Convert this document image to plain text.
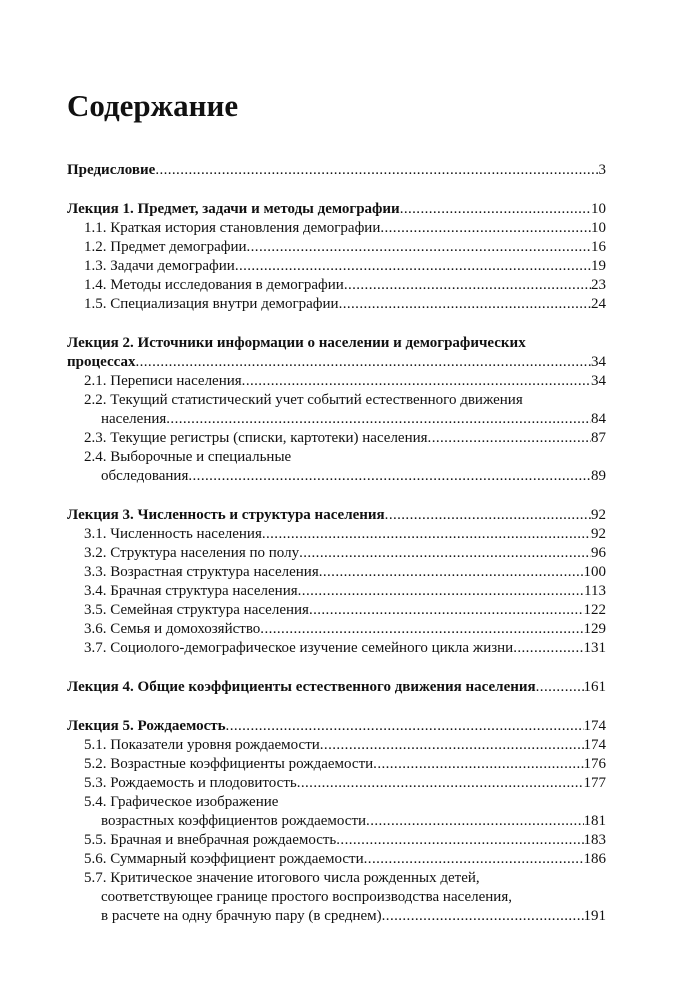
Содержание
Предисловие .....	3
Лекция 1. Предмет, задачи и методы демографии .....	10
1.1. Краткая история становления демографии .....	10
1.2. Предмет демографии .....	16
1.3. Задачи демографии .....	19
1.4. Методы исследования в демографии .....	23
1.5. Специализация внутри демографии .....	24
Лекция 2. Источники информации о населении и демографических
процессах .....	34
2.1. Переписи населения .....	34
2.2. Текущий статистический учет событий естественного движения
населения .....	84
2.3. Текущие регистры (списки, картотеки) населения .....	87
2.4. Выборочные и специальные
обследования .....	89
Лекция 3. Численность и структура населения .....	92
3.1. Численность населения .....	92
3.2. Структура населения по полу .....	96
3.3. Возрастная структура населения .....	100
3.4. Брачная структура населения .....	113
3.5. Семейная структура населения .....	122
3.6. Семья и домохозяйство .....	129
3.7. Социолого-демографическое изучение семейного цикла жизни .....	131
Лекция 4. Общие коэффициенты естественного движения населения .....	161
Лекция 5. Рождаемость .....	174
5.1. Показатели уровня рождаемости .....	174
5.2. Возрастные коэффициенты рождаемости .....	176
5.3. Рождаемость и плодовитость .....	177
5.4. Графическое изображение
возрастных коэффициентов рождаемости .....	181
5.5. Брачная и внебрачная рождаемость .....	183
5.6. Суммарный коэффициент рождаемости .....	186
5.7. Критическое значение итогового числа рожденных детей,
соответствующее границе простого воспроизводства населения,
в расчете на одну брачную пару (в среднем) .....	191
